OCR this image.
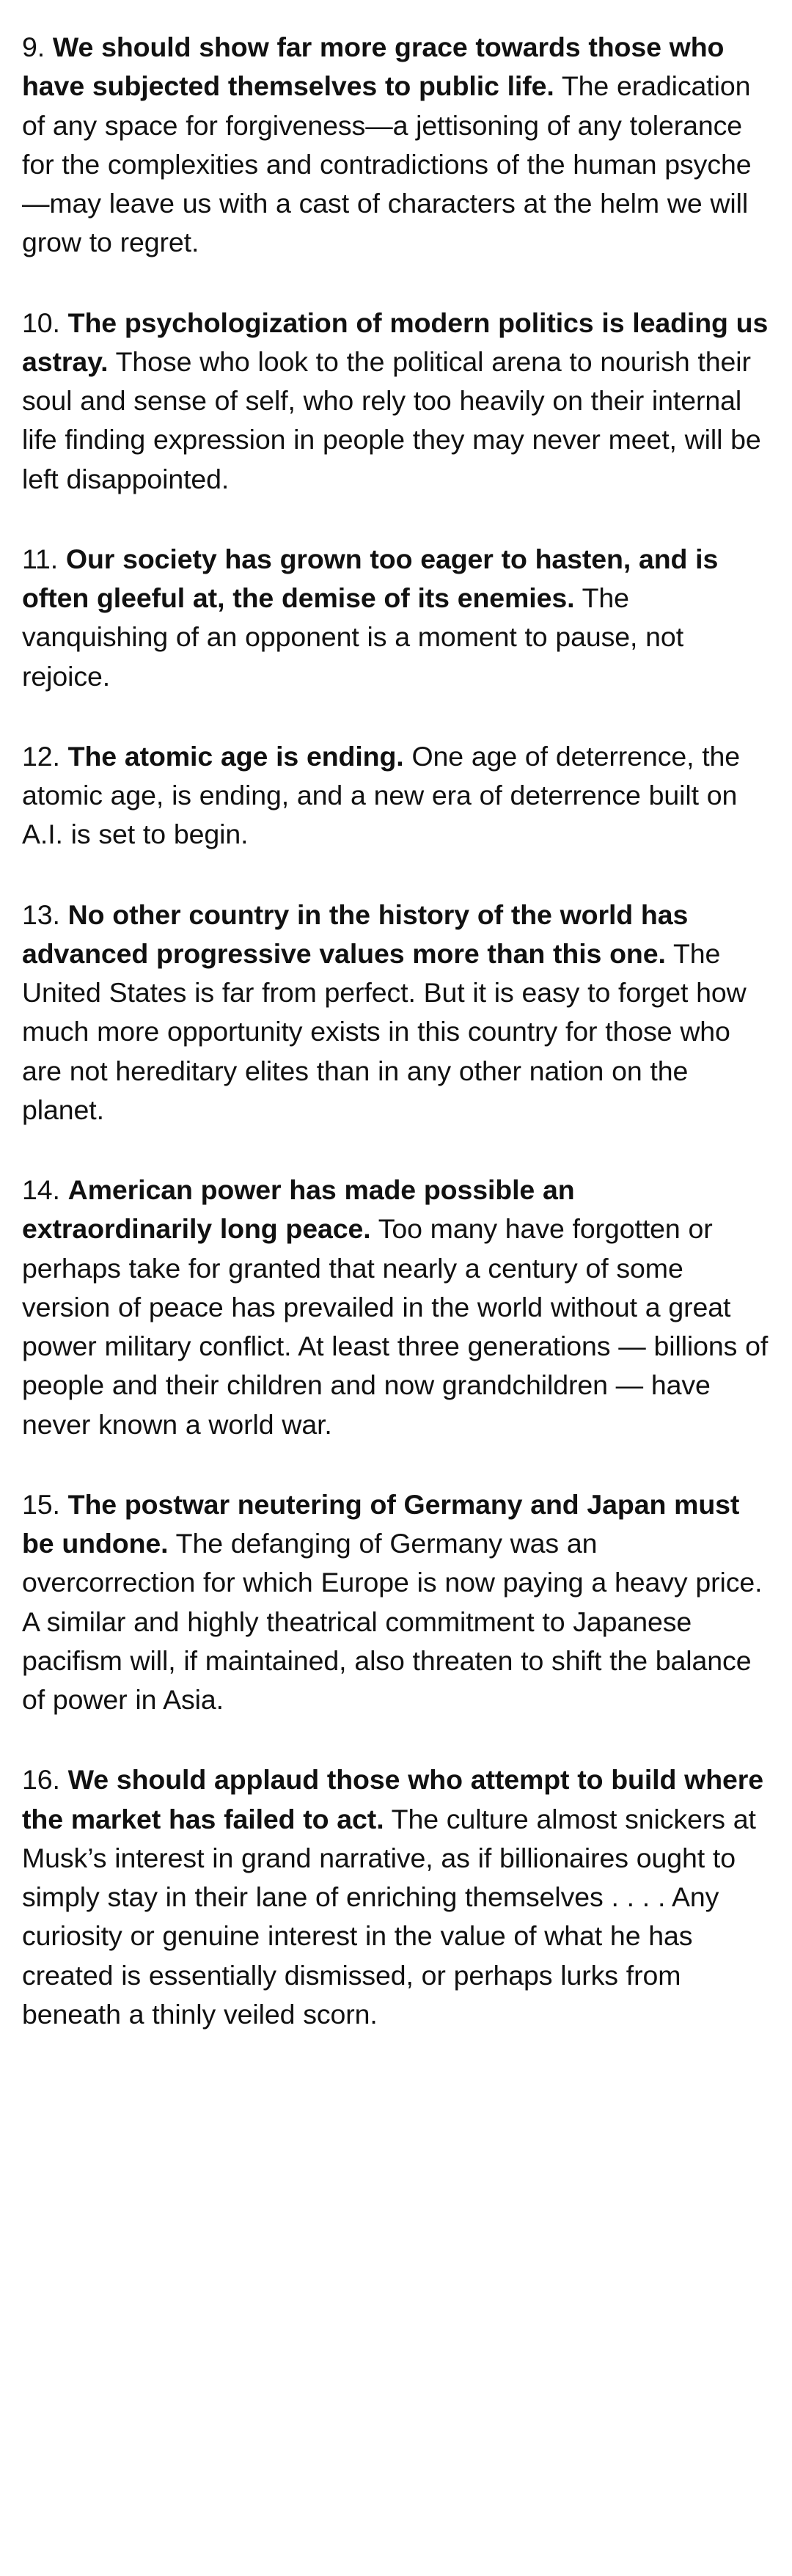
9. We should show far more grace towards those who have subjected themselves to public life. The eradication of any space for forgiveness—a jettisoning of any tolerance for the complexities and contradictions of the human psyche—may leave us with a cast of characters at the helm we will grow to regret.

10. The psychologization of modern politics is leading us astray. Those who look to the political arena to nourish their soul and sense of self, who rely too heavily on their internal life finding expression in people they may never meet, will be left disappointed.

11. Our society has grown too eager to hasten, and is often gleeful at, the demise of its enemies. The vanquishing of an opponent is a moment to pause, not rejoice.

12. The atomic age is ending. One age of deterrence, the atomic age, is ending, and a new era of deterrence built on A.I. is set to begin.

13. No other country in the history of the world has advanced progressive values more than this one. The United States is far from perfect. But it is easy to forget how much more opportunity exists in this country for those who are not hereditary elites than in any other nation on the planet.

14. American power has made possible an extraordinarily long peace. Too many have forgotten or perhaps take for granted that nearly a century of some version of peace has prevailed in the world without a great power military conflict. At least three generations — billions of people and their children and now grandchildren — have never known a world war.

15. The postwar neutering of Germany and Japan must be undone. The defanging of Germany was an overcorrection for which Europe is now paying a heavy price. A similar and highly theatrical commitment to Japanese pacifism will, if maintained, also threaten to shift the balance of power in Asia.

16. We should applaud those who attempt to build where the market has failed to act. The culture almost snickers at Musk’s interest in grand narrative, as if billionaires ought to simply stay in their lane of enriching themselves . . . . Any curiosity or genuine interest in the value of what he has created is essentially dismissed, or perhaps lurks from beneath a thinly veiled scorn.
